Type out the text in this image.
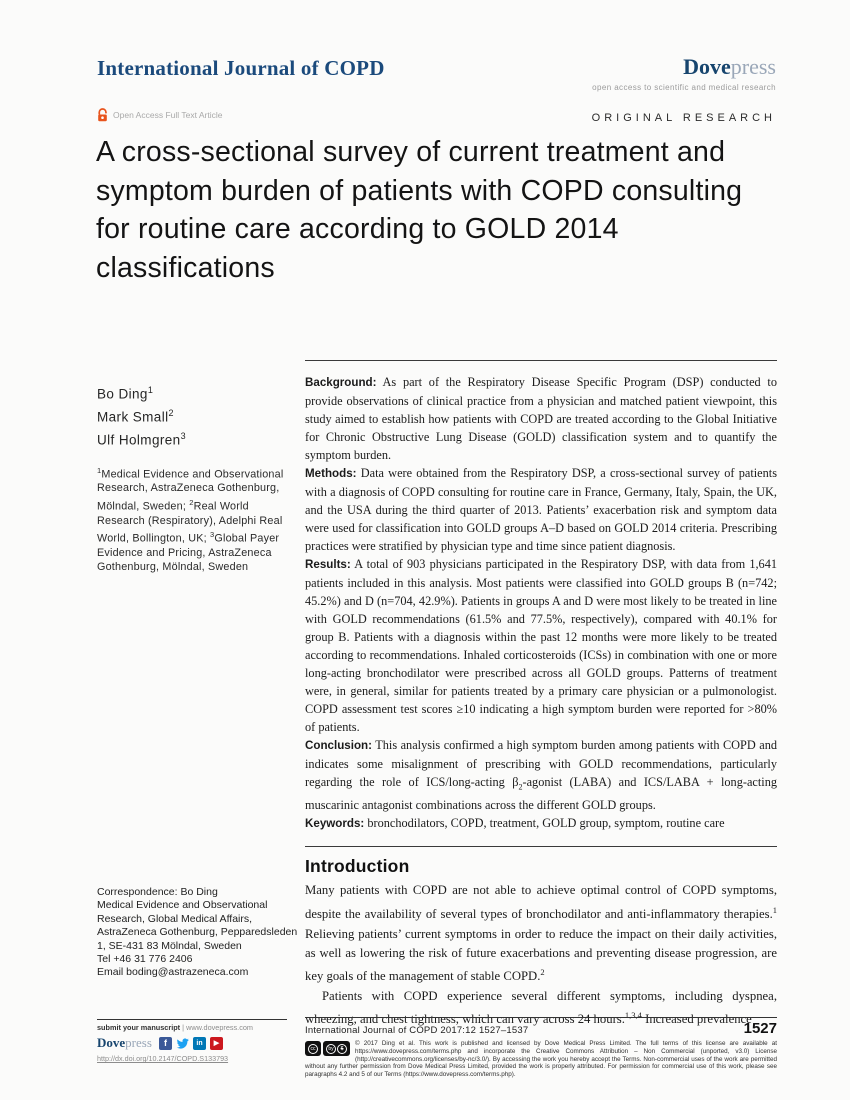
International Journal of COPD	Dovepress
open access to scientific and medical research
Open Access Full Text Article	ORIGINAL RESEARCH
A cross-sectional survey of current treatment and symptom burden of patients with COPD consulting for routine care according to GOLD 2014 classifications
Bo Ding$^1$
Mark Small$^2$
Ulf Holmgren$^3$

$^1$Medical Evidence and Observational Research, AstraZeneca Gothenburg, Mölndal, Sweden; $^2$Real World Research (Respiratory), Adelphi Real World, Bollington, UK; $^3$Global Payer Evidence and Pricing, AstraZeneca Gothenburg, Mölndal, Sweden

Correspondence: Bo Ding
Medical Evidence and Observational Research, Global Medical Affairs, AstraZeneca Gothenburg, Pepparedsleden 1, SE-431 83 Mölndal, Sweden
Tel +46 31 776 2406
Email boding@astrazeneca.com

Background: As part of the Respiratory Disease Specific Program (DSP) conducted to provide observations of clinical practice from a physician and matched patient viewpoint, this study aimed to establish how patients with COPD are treated according to the Global Initiative for Chronic Obstructive Lung Disease (GOLD) classification system and to quantify the symptom burden.

Methods: Data were obtained from the Respiratory DSP, a cross-sectional survey of patients with a diagnosis of COPD consulting for routine care in France, Germany, Italy, Spain, the UK, and the USA during the third quarter of 2013. Patients’ exacerbation risk and symptom data were used for classification into GOLD groups A–D based on GOLD 2014 criteria. Prescribing practices were stratified by physician type and time since patient diagnosis.

Results: A total of 903 physicians participated in the Respiratory DSP, with data from 1,641 patients included in this analysis. Most patients were classified into GOLD groups B (n=742; 45.2%) and D (n=704, 42.9%). Patients in groups A and D were most likely to be treated in line with GOLD recommendations (61.5% and 77.5%, respectively), compared with 40.1% for group B. Patients with a diagnosis within the past 12 months were more likely to be treated according to recommendations. Inhaled corticosteroids (ICSs) in combination with one or more long-acting bronchodilator were prescribed across all GOLD groups. Patterns of treatment were, in general, similar for patients treated by a primary care physician or a pulmonologist. COPD assessment test scores ≥10 indicating a high symptom burden were reported for >80% of patients.

Conclusion: This analysis confirmed a high symptom burden among patients with COPD and indicates some misalignment of prescribing with GOLD recommendations, particularly regarding the role of ICS/long-acting $\beta_2$-agonist (LABA) and ICS/LABA + long-acting muscarinic antagonist combinations across the different GOLD groups.

Keywords: bronchodilators, COPD, treatment, GOLD group, symptom, routine care

Introduction

Many patients with COPD are not able to achieve optimal control of COPD symptoms, despite the availability of several types of bronchodilator and anti-inflammatory therapies.$^1$ Relieving patients’ current symptoms in order to reduce the impact on their daily activities, as well as lowering the risk of future exacerbations and preventing disease progression, are key goals of the management of stable COPD.$^2$

Patients with COPD experience several different symptoms, including dyspnea, wheezing, and chest tightness, which can vary across 24 hours.$^{1,3,4}$ Increased prevalence

submit your manuscript | www.dovepress.com
Dovepress	f	in	▶
http://dx.doi.org/10.2147/COPD.S133793
International Journal of COPD 2017:12 1527–1537	1527
cc	by	$
© 2017 Ding et al. This work is published and licensed by Dove Medical Press Limited. The full terms of this license are available at https://www.dovepress.com/terms.php and incorporate the Creative Commons Attribution – Non Commercial (unported, v3.0) License (http://creativecommons.org/licenses/by-nc/3.0/). By accessing the work you hereby accept the Terms. Non-commercial uses of the work are permitted without any further permission from Dove Medical Press Limited, provided the work is properly attributed. For permission for commercial use of this work, please see paragraphs 4.2 and 5 of our Terms (https://www.dovepress.com/terms.php).
